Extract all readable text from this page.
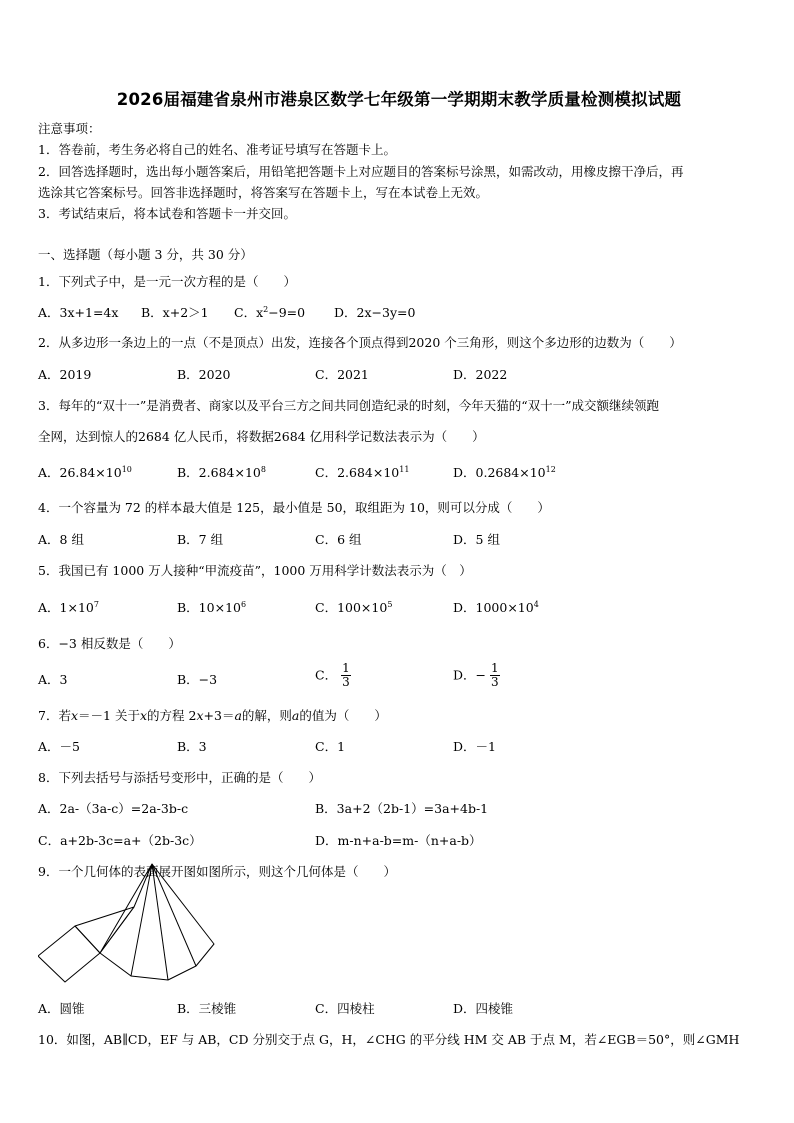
2026届福建省泉州市港泉区数学七年级第一学期期末教学质量检测模拟试题
注意事项：
1．答卷前，考生务必将自己的姓名、准考证号填写在答题卡上。
2．回答选择题时，选出每小题答案后，用铅笔把答题卡上对应题目的答案标号涂黑，如需改动，用橡皮擦干净后，再
选涂其它答案标号。回答非选择题时，将答案写在答题卡上，写在本试卷上无效。
3．考试结束后，将本试卷和答题卡一并交回。
一、选择题（每小题 3 分，共 30 分）
1．下列式子中，是一元一次方程的是（　　）
A．3x+1=4x B．x+2＞1 C．$x^2-9=0$ D．2x−3y=0
2．从多边形一条边上的一点（不是顶点）出发，连接各个顶点得到2020 个三角形，则这个多边形的边数为（　　）
A．2019	B．2020	C．2021	D．2022
3．每年的“双十一”是消费者、商家以及平台三方之间共同创造纪录的时刻，今年天猫的“双十一”成交额继续领跑
全网，达到惊人的2684 亿人民币，将数据2684 亿用科学记数法表示为（　　）
A．$26.84\times 10^{10}$	B．$2.684\times 10^8$	C．$2.684\times 10^{11}$	D．$0.2684\times 10^{12}$
4．一个容量为 72 的样本最大值是 125，最小值是 50，取组距为 10，则可以分成（　　）
A．8 组	B．7 组	C．6 组	D．5 组
5．我国已有 1000 万人接种“甲流疫苗”，1000 万用科学计数法表示为（　）
A．$1\times 10^7$	B．$10\times 10^6$	C．$100\times 10^5$	D．$1000\times 10^4$
6．−3 相反数是（　　）
A．3	B．−3	C． $\frac{1}{3}$	D．− $\frac{1}{3}$
7．若x＝－1 关于x的方程 2x+3＝a的解，则a的值为（　　）
A．－5	B．3	C．1	D．－1
8．下列去括号与添括号变形中，正确的是（　　）
A．2a-（3a-c）=2a-3b-c	B．3a+2（2b-1）=3a+4b-1
C．a+2b-3c=a+（2b-3c）	D．m-n+a-b=m-（n+a-b）
9．一个几何体的表面展开图如图所示，则这个几何体是（　　）
A．圆锥	B．三棱锥	C．四棱柱	D．四棱锥
10．如图，AB∥CD，EF 与 AB，CD 分别交于点 G，H，∠CHG 的平分线 HM 交 AB 于点 M，若∠EGB＝50°，则∠GMH
